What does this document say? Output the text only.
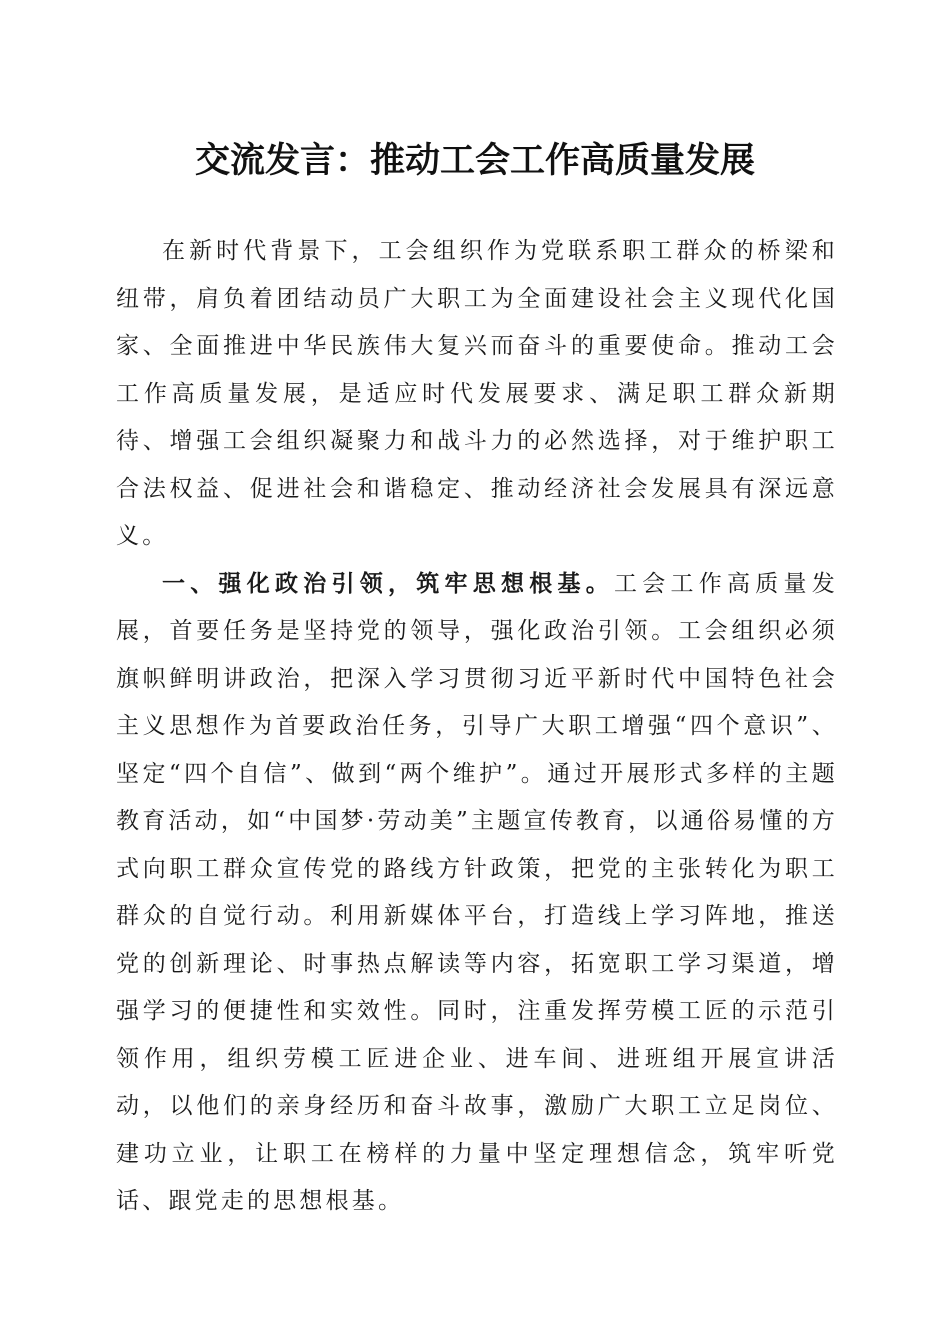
交流发言：推动工会工作高质量发展

在新时代背景下，工会组织作为党联系职工群众的桥梁和纽带，肩负着团结动员广大职工为全面建设社会主义现代化国家、全面推进中华民族伟大复兴而奋斗的重要使命。推动工会工作高质量发展，是适应时代发展要求、满足职工群众新期待、增强工会组织凝聚力和战斗力的必然选择，对于维护职工合法权益、促进社会和谐稳定、推动经济社会发展具有深远意义。

一、强化政治引领，筑牢思想根基。工会工作高质量发展，首要任务是坚持党的领导，强化政治引领。工会组织必须旗帜鲜明讲政治，把深入学习贯彻习近平新时代中国特色社会主义思想作为首要政治任务，引导广大职工增强“四个意识”、坚定“四个自信”、做到“两个维护”。通过开展形式多样的主题教育活动，如“中国梦·劳动美”主题宣传教育，以通俗易懂的方式向职工群众宣传党的路线方针政策，把党的主张转化为职工群众的自觉行动。利用新媒体平台，打造线上学习阵地，推送党的创新理论、时事热点解读等内容，拓宽职工学习渠道，增强学习的便捷性和实效性。同时，注重发挥劳模工匠的示范引领作用，组织劳模工匠进企业、进车间、进班组开展宣讲活动，以他们的亲身经历和奋斗故事，激励广大职工立足岗位、建功立业，让职工在榜样的力量中坚定理想信念，筑牢听党话、跟党走的思想根基。
